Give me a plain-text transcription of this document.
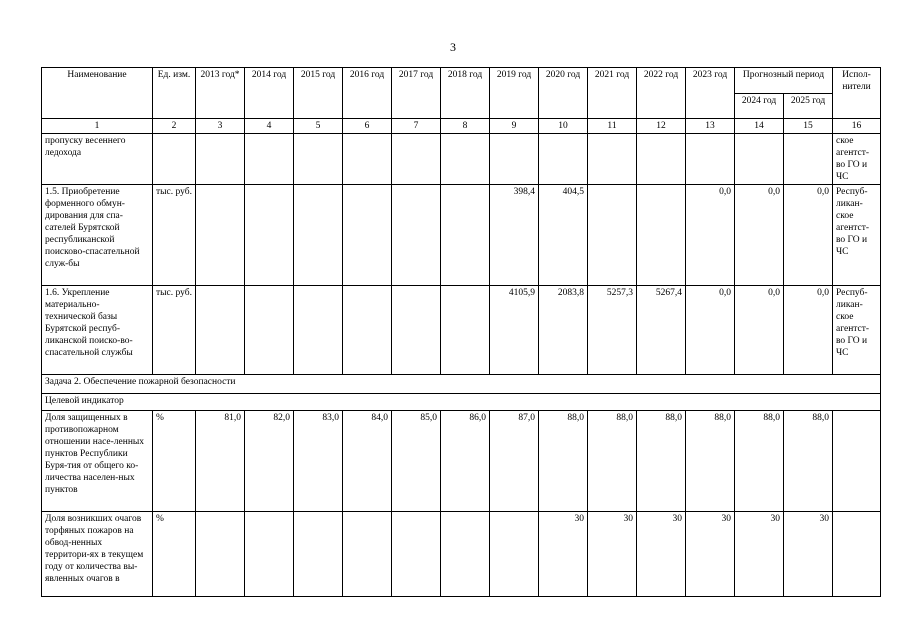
3
Наименование	Ед. изм.	2013 год*	2014 год	2015 год	2016 год	2017 год	2018 год	2019 год	2020 год	2021 год	2022 год	2023 год	Прогнозный период		Испол-нители
													2024 год	2025 год	
1	2	3	4	5	6	7	8	9	10	11	12	13	14	15	16
пропуску весеннего ледохода															ское агентст-во ГО и ЧС
1.5. Приобретение форменного обмун-дирования для спа-сателей Бурятской республиканской поисково-спасательной служ-бы	тыс. руб.							398,4	404,5			0,0	0,0	0,0	Респуб-ликан-ское агентст-во ГО и ЧС
1.6. Укрепление материально-технической базы Бурятской респуб-ликанской поиско-во-спасательной службы	тыс. руб.							4105,9	2083,8	5257,3	5267,4	0,0	0,0	0,0	Респуб-ликан-ское агентст-во ГО и ЧС
Задача 2. Обеспечение пожарной безопасности															
Целевой индикатор															
Доля защищенных в противопожарном отношении насе-ленных пунктов Республики Буря-тия от общего ко-личества населен-ных пунктов	%	81,0	82,0	83,0	84,0	85,0	86,0	87,0	88,0	88,0	88,0	88,0	88,0	88,0	
Доля возникших очагов торфяных пожаров на обвод-ненных территори-ях в текущем году от количества вы-явленных очагов в	%								30	30	30	30	30	30	
